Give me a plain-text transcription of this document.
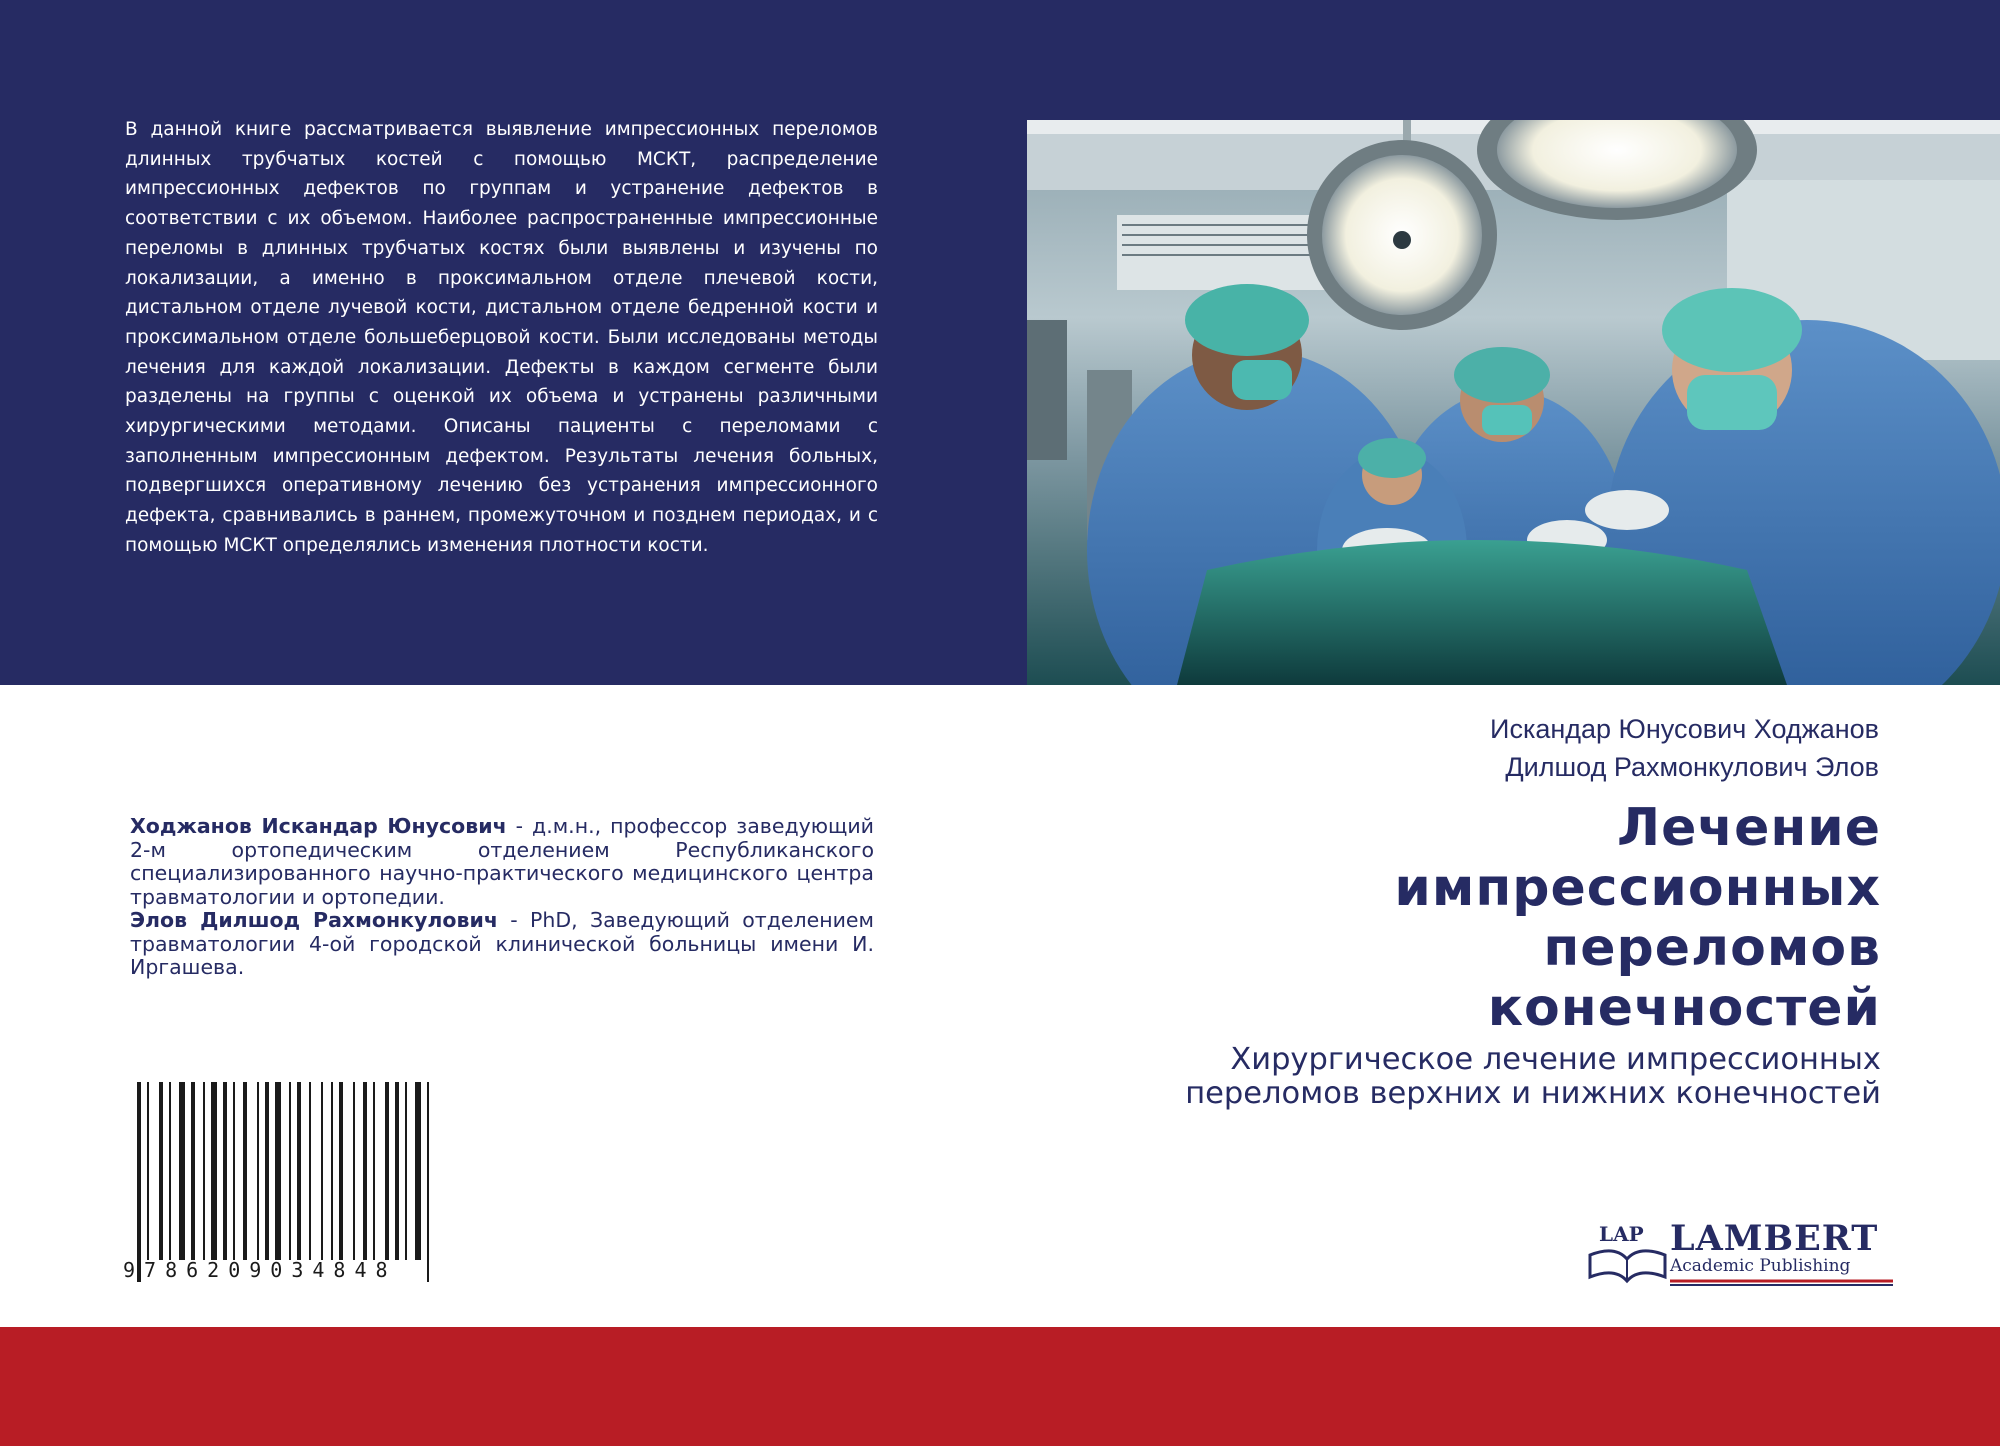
В данной книге рассматривается выявление импрессионных переломов длинных трубчатых костей с помощью МСКТ, распределение импрессионных дефектов по группам и устранение дефектов в соответствии с их объемом. Наиболее распространенные импрессионные переломы в длинных трубчатых костях были выявлены и изучены по локализации, а именно в проксимальном отделе плечевой кости, дистальном отделе лучевой кости, дистальном отделе бедренной кости и проксимальном отделе большеберцовой кости. Были исследованы методы лечения для каждой локализации. Дефекты в каждом сегменте были разделены на группы с оценкой их объема и устранены различными хирургическими методами. Описаны пациенты с переломами с заполненным импрессионным дефектом. Результаты лечения больных, подвергшихся оперативному лечению без устранения импрессионного дефекта, сравнивались в раннем, промежуточном и позднем периодах, и с помощью МСКТ определялись изменения плотности кости.
Искандар Юнусович Ходжанов
Дилшод Рахмонкулович Элов
Лечение
импрессионных
переломов
конечностей
Хирургическое лечение импрессионных
переломов верхних и нижних конечностей

Ходжанов Искандар Юнусович - д.м.н., профессор заведующий 2-м ортопедическим отделением Республиканского специализированного научно-практического медицинского центра травматологии и ортопедии.

Элов Дилшод Рахмонкулович - PhD, Заведующий отделением травматологии 4-ой городской клинической больницы имени И. Иргашева.

9786209034848
LAP LAMBERT
Academic Publishing
